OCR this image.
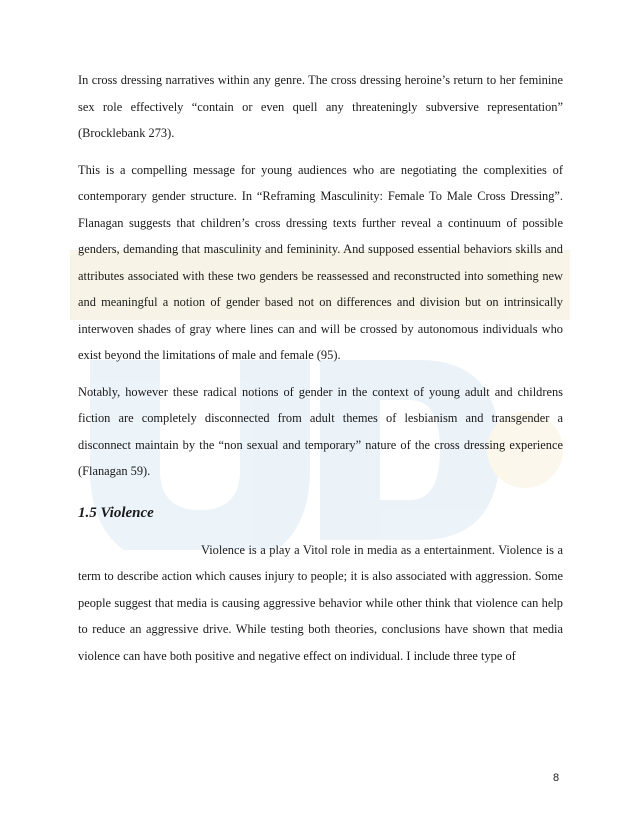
In cross dressing narratives within any genre. The cross dressing heroine’s return to her feminine sex role effectively “contain or even quell any threateningly subversive representation” (Brocklebank 273).

This is a compelling message for young audiences who are negotiating the complexities of contemporary gender structure. In “Reframing Masculinity: Female To Male Cross Dressing”. Flanagan suggests that children’s cross dressing texts further reveal a continuum of possible genders, demanding that masculinity and femininity. And supposed essential behaviors skills and attributes associated with these two genders be reassessed and reconstructed into something new and meaningful a notion of gender based not on differences and division but on intrinsically interwoven shades of gray where lines can and will be crossed by autonomous individuals who exist beyond the limitations of male and female (95).

Notably, however these radical notions of gender in the context of young adult and childrens fiction are completely disconnected from adult themes of lesbianism and transgender a disconnect maintain by the “non sexual and temporary” nature of the cross dressing experience (Flanagan 59).

1.5 Violence

Violence is a play a Vitol role in media as a entertainment. Violence is a term to describe action which causes injury to people; it is also associated with aggression. Some people suggest that media is causing aggressive behavior while other think that violence can help to reduce an aggressive drive. While testing both theories, conclusions have shown that media violence can have both positive and negative effect on individual. I include three type of

8
